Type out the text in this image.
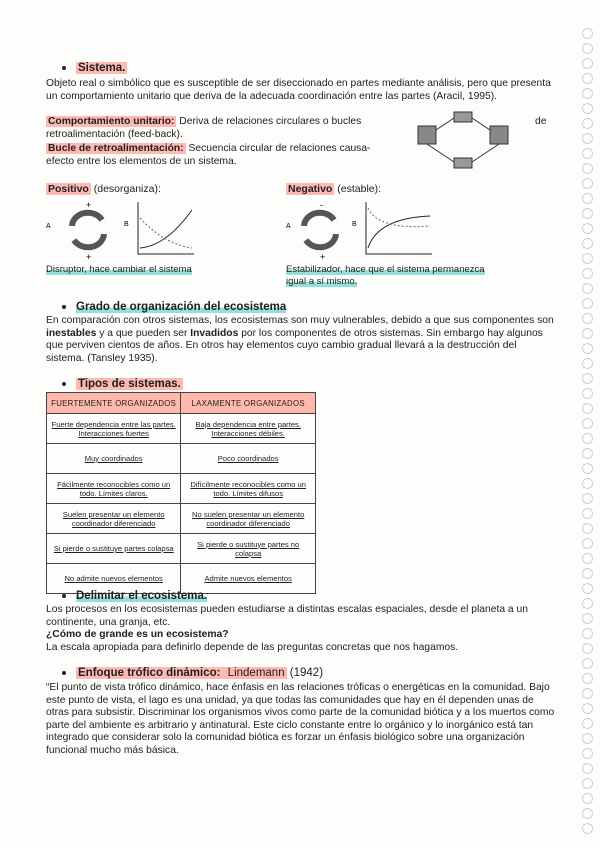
Sistema.
Objeto real o simbólico que es susceptible de ser diseccionado en partes mediante análisis, pero que presenta un comportamiento unitario que deriva de la adecuada coordinación entre las partes (Aracil, 1995).
Comportamiento unitario: Deriva de relaciones circulares o bucles	de
retroalimentación (feed-back).
Bucle de retroalimentación: Secuencia circular de relaciones causa-efecto entre los elementos de un sistema.
Positivo (desorganiza):	Negativo (estable):
A
+
+
B	A
-
+
B
Disruptor, hace cambiar el sistema	Estabilizador, hace que el sistema permanezca igual a sí mismo.
Grado de organización del ecosistema
En comparación con otros sistemas, los ecosistemas son muy vulnerables, debido a que sus componentes son inestables y a que pueden ser Invadidos por los componentes de otros sistemas. Sin embargo hay algunos que perviven cientos de años. En otros hay elementos cuyo cambio gradual llevará a la destrucción del sistema. (Tansley 1935).
Tipos de sistemas.
FUERTEMENTE ORGANIZADOS	LAXAMENTE ORGANIZADOS
Fuerte dependencia entre las partes. Interacciones fuertes	Baja dependencia entre partes. Interacciones débiles.
Muy coordinados	Poco coordinados
Fácilmente reconocibles como un todo. Límites claros.	Difícilmente reconocibles como un todo. Límites difusos
Suelen presentar un elemento coordinador diferenciado	No suelen presentar un elemento coordinador diferenciado
Si pierde o sustituye partes colapsa	Si pierde o sustituye partes no colapsa
No admite nuevos elementos	Admite nuevos elementos
Delimitar el ecosistema.
Los procesos en los ecosistemas pueden estudiarse a distintas escalas espaciales, desde el planeta a un continente, una granja, etc.
¿Cómo de grande es un ecosistema?
La escala apropiada para definirlo depende de las preguntas concretas que nos hagamos.
Enfoque trófico dinámico: Lindemann (1942)
“El punto de vista trófico dinámico, hace énfasis en las relaciones tróficas o energéticas en la comunidad. Bajo este punto de vista, el lago es una unidad, ya que todas las comunidades que hay en él dependen unas de otras para subsistir. Discriminar los organismos vivos como parte de la comunidad biótica y a los muertos como parte del ambiente es arbitrario y antinatural. Este ciclo constante entre lo orgánico y lo inorgánico está tan integrado que considerar solo la comunidad biótica es forzar un énfasis biológico sobre una organización funcional mucho más básica.
